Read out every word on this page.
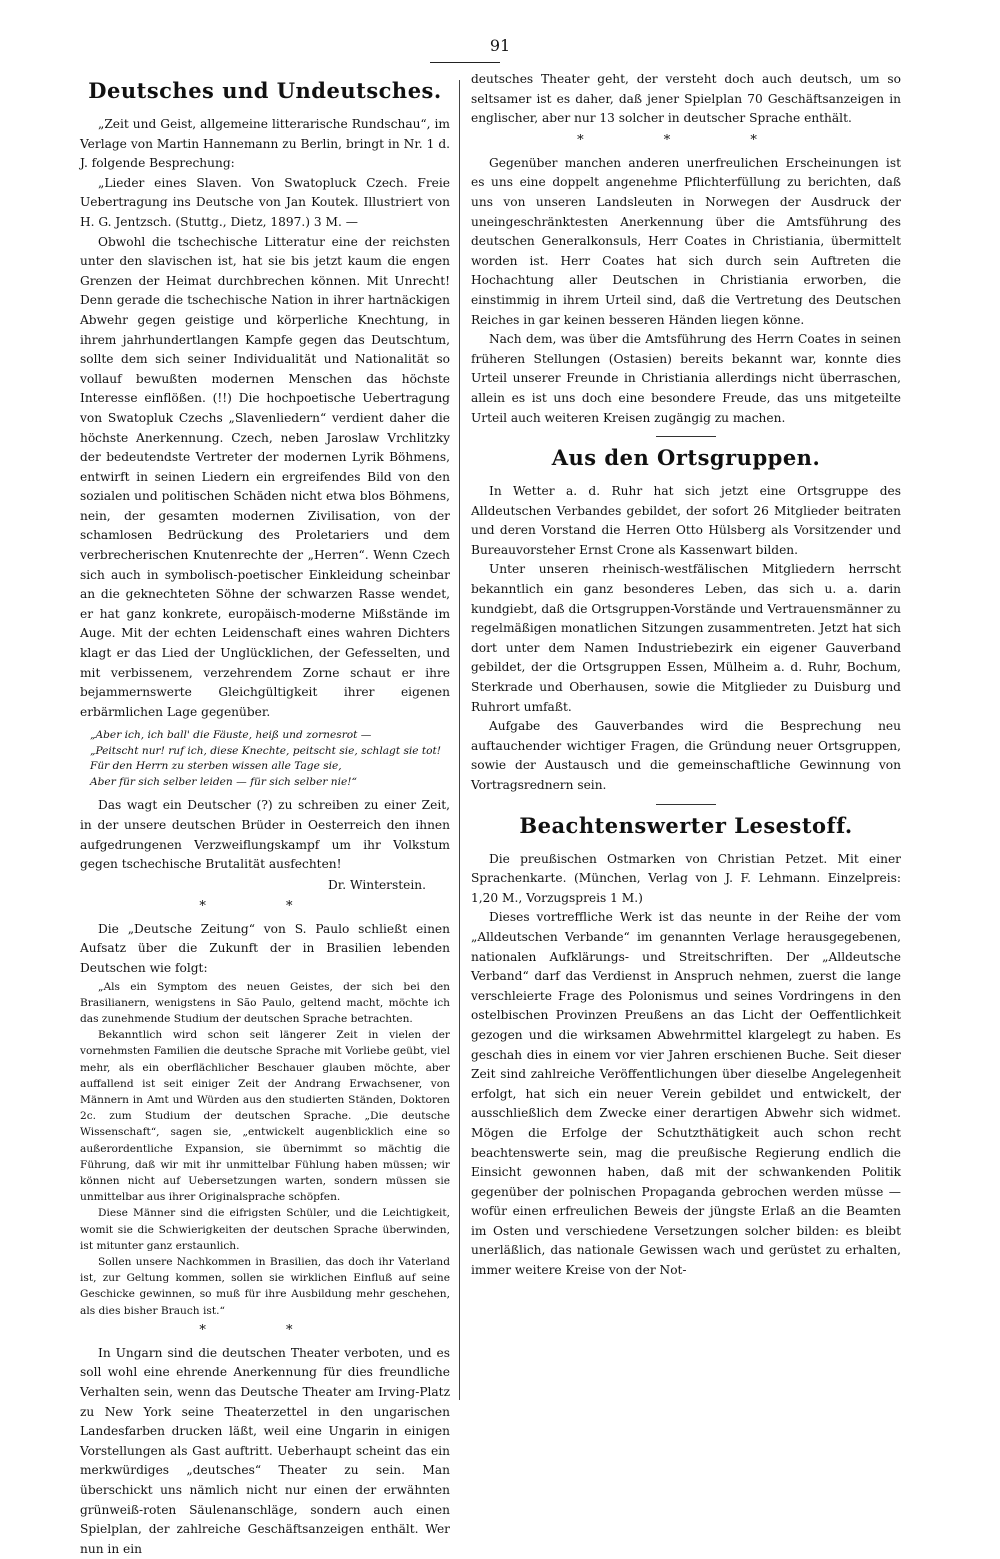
91
Deutsches und Undeutsches.

„Zeit und Geist, allgemeine litterarische Rundschau“, im Verlage von Martin Hannemann zu Berlin, bringt in Nr. 1 d. J. folgende Besprechung:

„Lieder eines Slaven. Von Swatopluck Czech. Freie Uebertragung ins Deutsche von Jan Koutek. Illustriert von H. G. Jentzsch. (Stuttg., Dietz, 1897.) 3 M. —

Obwohl die tschechische Litteratur eine der reichsten unter den slavischen ist, hat sie bis jetzt kaum die engen Grenzen der Heimat durchbrechen können. Mit Unrecht! Denn gerade die tschechische Nation in ihrer hartnäckigen Abwehr gegen geistige und körperliche Knechtung, in ihrem jahrhundertlangen Kampfe gegen das Deutschtum, sollte dem sich seiner Individualität und Nationalität so vollauf bewußten modernen Menschen das höchste Interesse einflößen. (!!) Die hochpoetische Uebertragung von Swatopluk Czechs „Slavenliedern“ verdient daher die höchste Anerkennung. Czech, neben Jaroslaw Vrchlitzky der bedeutendste Vertreter der modernen Lyrik Böhmens, entwirft in seinen Liedern ein ergreifendes Bild von den sozialen und politischen Schäden nicht etwa blos Böhmens, nein, der gesamten modernen Zivilisation, von der schamlosen Bedrückung des Proletariers und dem verbrecherischen Knutenrechte der „Herren“. Wenn Czech sich auch in symbolisch-poetischer Einkleidung scheinbar an die geknechteten Söhne der schwarzen Rasse wendet, er hat ganz konkrete, europäisch-moderne Mißstände im Auge. Mit der echten Leidenschaft eines wahren Dichters klagt er das Lied der Unglücklichen, der Gefesselten, und mit verbissenem, verzehrendem Zorne schaut er ihre bejammernswerte Gleichgültigkeit ihrer eigenen erbärmlichen Lage gegenüber.

„Aber ich, ich ball' die Fäuste, heiß und zornesrot —
„Peitscht nur! ruf ich, diese Knechte, peitscht sie, schlagt sie tot!
Für den Herrn zu sterben wissen alle Tage sie,
Aber für sich selber leiden — für sich selber nie!“

Das wagt ein Deutscher (?) zu schreiben zu einer Zeit, in der unsere deutschen Brüder in Oesterreich den ihnen aufgedrungenen Verzweiflungskampf um ihr Volkstum gegen tschechische Brutalität ausfechten!

Dr. Winterstein.
* *

Die „Deutsche Zeitung“ von S. Paulo schließt einen Aufsatz über die Zukunft der in Brasilien lebenden Deutschen wie folgt:

„Als ein Symptom des neuen Geistes, der sich bei den Brasilianern, wenigstens in São Paulo, geltend macht, möchte ich das zunehmende Studium der deutschen Sprache betrachten.

Bekanntlich wird schon seit längerer Zeit in vielen der vornehmsten Familien die deutsche Sprache mit Vorliebe geübt, viel mehr, als ein oberflächlicher Beschauer glauben möchte, aber auffallend ist seit einiger Zeit der Andrang Erwachsener, von Männern in Amt und Würden aus den studierten Ständen, Doktoren 2c. zum Studium der deutschen Sprache. „Die deutsche Wissenschaft“, sagen sie, „entwickelt augenblicklich eine so außerordentliche Expansion, sie übernimmt so mächtig die Führung, daß wir mit ihr unmittelbar Fühlung haben müssen; wir können nicht auf Uebersetzungen warten, sondern müssen sie unmittelbar aus ihrer Originalsprache schöpfen.

Diese Männer sind die eifrigsten Schüler, und die Leichtigkeit, womit sie die Schwierigkeiten der deutschen Sprache überwinden, ist mitunter ganz erstaunlich.

Sollen unsere Nachkommen in Brasilien, das doch ihr Vaterland ist, zur Geltung kommen, sollen sie wirklichen Einfluß auf seine Geschicke gewinnen, so muß für ihre Ausbildung mehr geschehen, als dies bisher Brauch ist.“

* *

In Ungarn sind die deutschen Theater verboten, und es soll wohl eine ehrende Anerkennung für dies freundliche Verhalten sein, wenn das Deutsche Theater am Irving-Platz zu New York seine Theaterzettel in den ungarischen Landesfarben drucken läßt, weil eine Ungarin in einigen Vorstellungen als Gast auftritt. Ueberhaupt scheint das ein merkwürdiges „deutsches“ Theater zu sein. Man überschickt uns nämlich nicht nur einen der erwähnten grünweiß-roten Säulenanschläge, sondern auch einen Spielplan, der zahlreiche Geschäftsanzeigen enthält. Wer nun in ein

deutsches Theater geht, der versteht doch auch deutsch, um so seltsamer ist es daher, daß jener Spielplan 70 Geschäftsanzeigen in englischer, aber nur 13 solcher in deutscher Sprache enthält.

* * *

Gegenüber manchen anderen unerfreulichen Erscheinungen ist es uns eine doppelt angenehme Pflichterfüllung zu berichten, daß uns von unseren Landsleuten in Norwegen der Ausdruck der uneingeschränktesten Anerkennung über die Amtsführung des deutschen Generalkonsuls, Herr Coates in Christiania, übermittelt worden ist. Herr Coates hat sich durch sein Auftreten die Hochachtung aller Deutschen in Christiania erworben, die einstimmig in ihrem Urteil sind, daß die Vertretung des Deutschen Reiches in gar keinen besseren Händen liegen könne.

Nach dem, was über die Amtsführung des Herrn Coates in seinen früheren Stellungen (Ostasien) bereits bekannt war, konnte dies Urteil unserer Freunde in Christiania allerdings nicht überraschen, allein es ist uns doch eine besondere Freude, das uns mitgeteilte Urteil auch weiteren Kreisen zugängig zu machen.

Aus den Ortsgruppen.

In Wetter a. d. Ruhr hat sich jetzt eine Ortsgruppe des Alldeutschen Verbandes gebildet, der sofort 26 Mitglieder beitraten und deren Vorstand die Herren Otto Hülsberg als Vorsitzender und Bureauvorsteher Ernst Crone als Kassenwart bilden.

Unter unseren rheinisch-westfälischen Mitgliedern herrscht bekanntlich ein ganz besonderes Leben, das sich u. a. darin kundgiebt, daß die Ortsgruppen-Vorstände und Vertrauensmänner zu regelmäßigen monatlichen Sitzungen zusammentreten. Jetzt hat sich dort unter dem Namen Industriebezirk ein eigener Gauverband gebildet, der die Ortsgruppen Essen, Mülheim a. d. Ruhr, Bochum, Sterkrade und Oberhausen, sowie die Mitglieder zu Duisburg und Ruhrort umfaßt.

Aufgabe des Gauverbandes wird die Besprechung neu auftauchender wichtiger Fragen, die Gründung neuer Ortsgruppen, sowie der Austausch und die gemeinschaftliche Gewinnung von Vortragsrednern sein.

Beachtenswerter Lesestoff.

Die preußischen Ostmarken von Christian Petzet. Mit einer Sprachenkarte. (München, Verlag von J. F. Lehmann. Einzelpreis: 1,20 M., Vorzugspreis 1 M.)

Dieses vortreffliche Werk ist das neunte in der Reihe der vom „Alldeutschen Verbande“ im genannten Verlage herausgegebenen, nationalen Aufklärungs- und Streitschriften. Der „Alldeutsche Verband“ darf das Verdienst in Anspruch nehmen, zuerst die lange verschleierte Frage des Polonismus und seines Vordringens in den ostelbischen Provinzen Preußens an das Licht der Oeffentlichkeit gezogen und die wirksamen Abwehrmittel klargelegt zu haben. Es geschah dies in einem vor vier Jahren erschienen Buche. Seit dieser Zeit sind zahlreiche Veröffentlichungen über dieselbe Angelegenheit erfolgt, hat sich ein neuer Verein gebildet und entwickelt, der ausschließlich dem Zwecke einer derartigen Abwehr sich widmet. Mögen die Erfolge der Schutzthätigkeit auch schon recht beachtenswerte sein, mag die preußische Regierung endlich die Einsicht gewonnen haben, daß mit der schwankenden Politik gegenüber der polnischen Propaganda gebrochen werden müsse — wofür einen erfreulichen Beweis der jüngste Erlaß an die Beamten im Osten und verschiedene Versetzungen solcher bilden: es bleibt unerläßlich, das nationale Gewissen wach und gerüstet zu erhalten, immer weitere Kreise von der Not-
